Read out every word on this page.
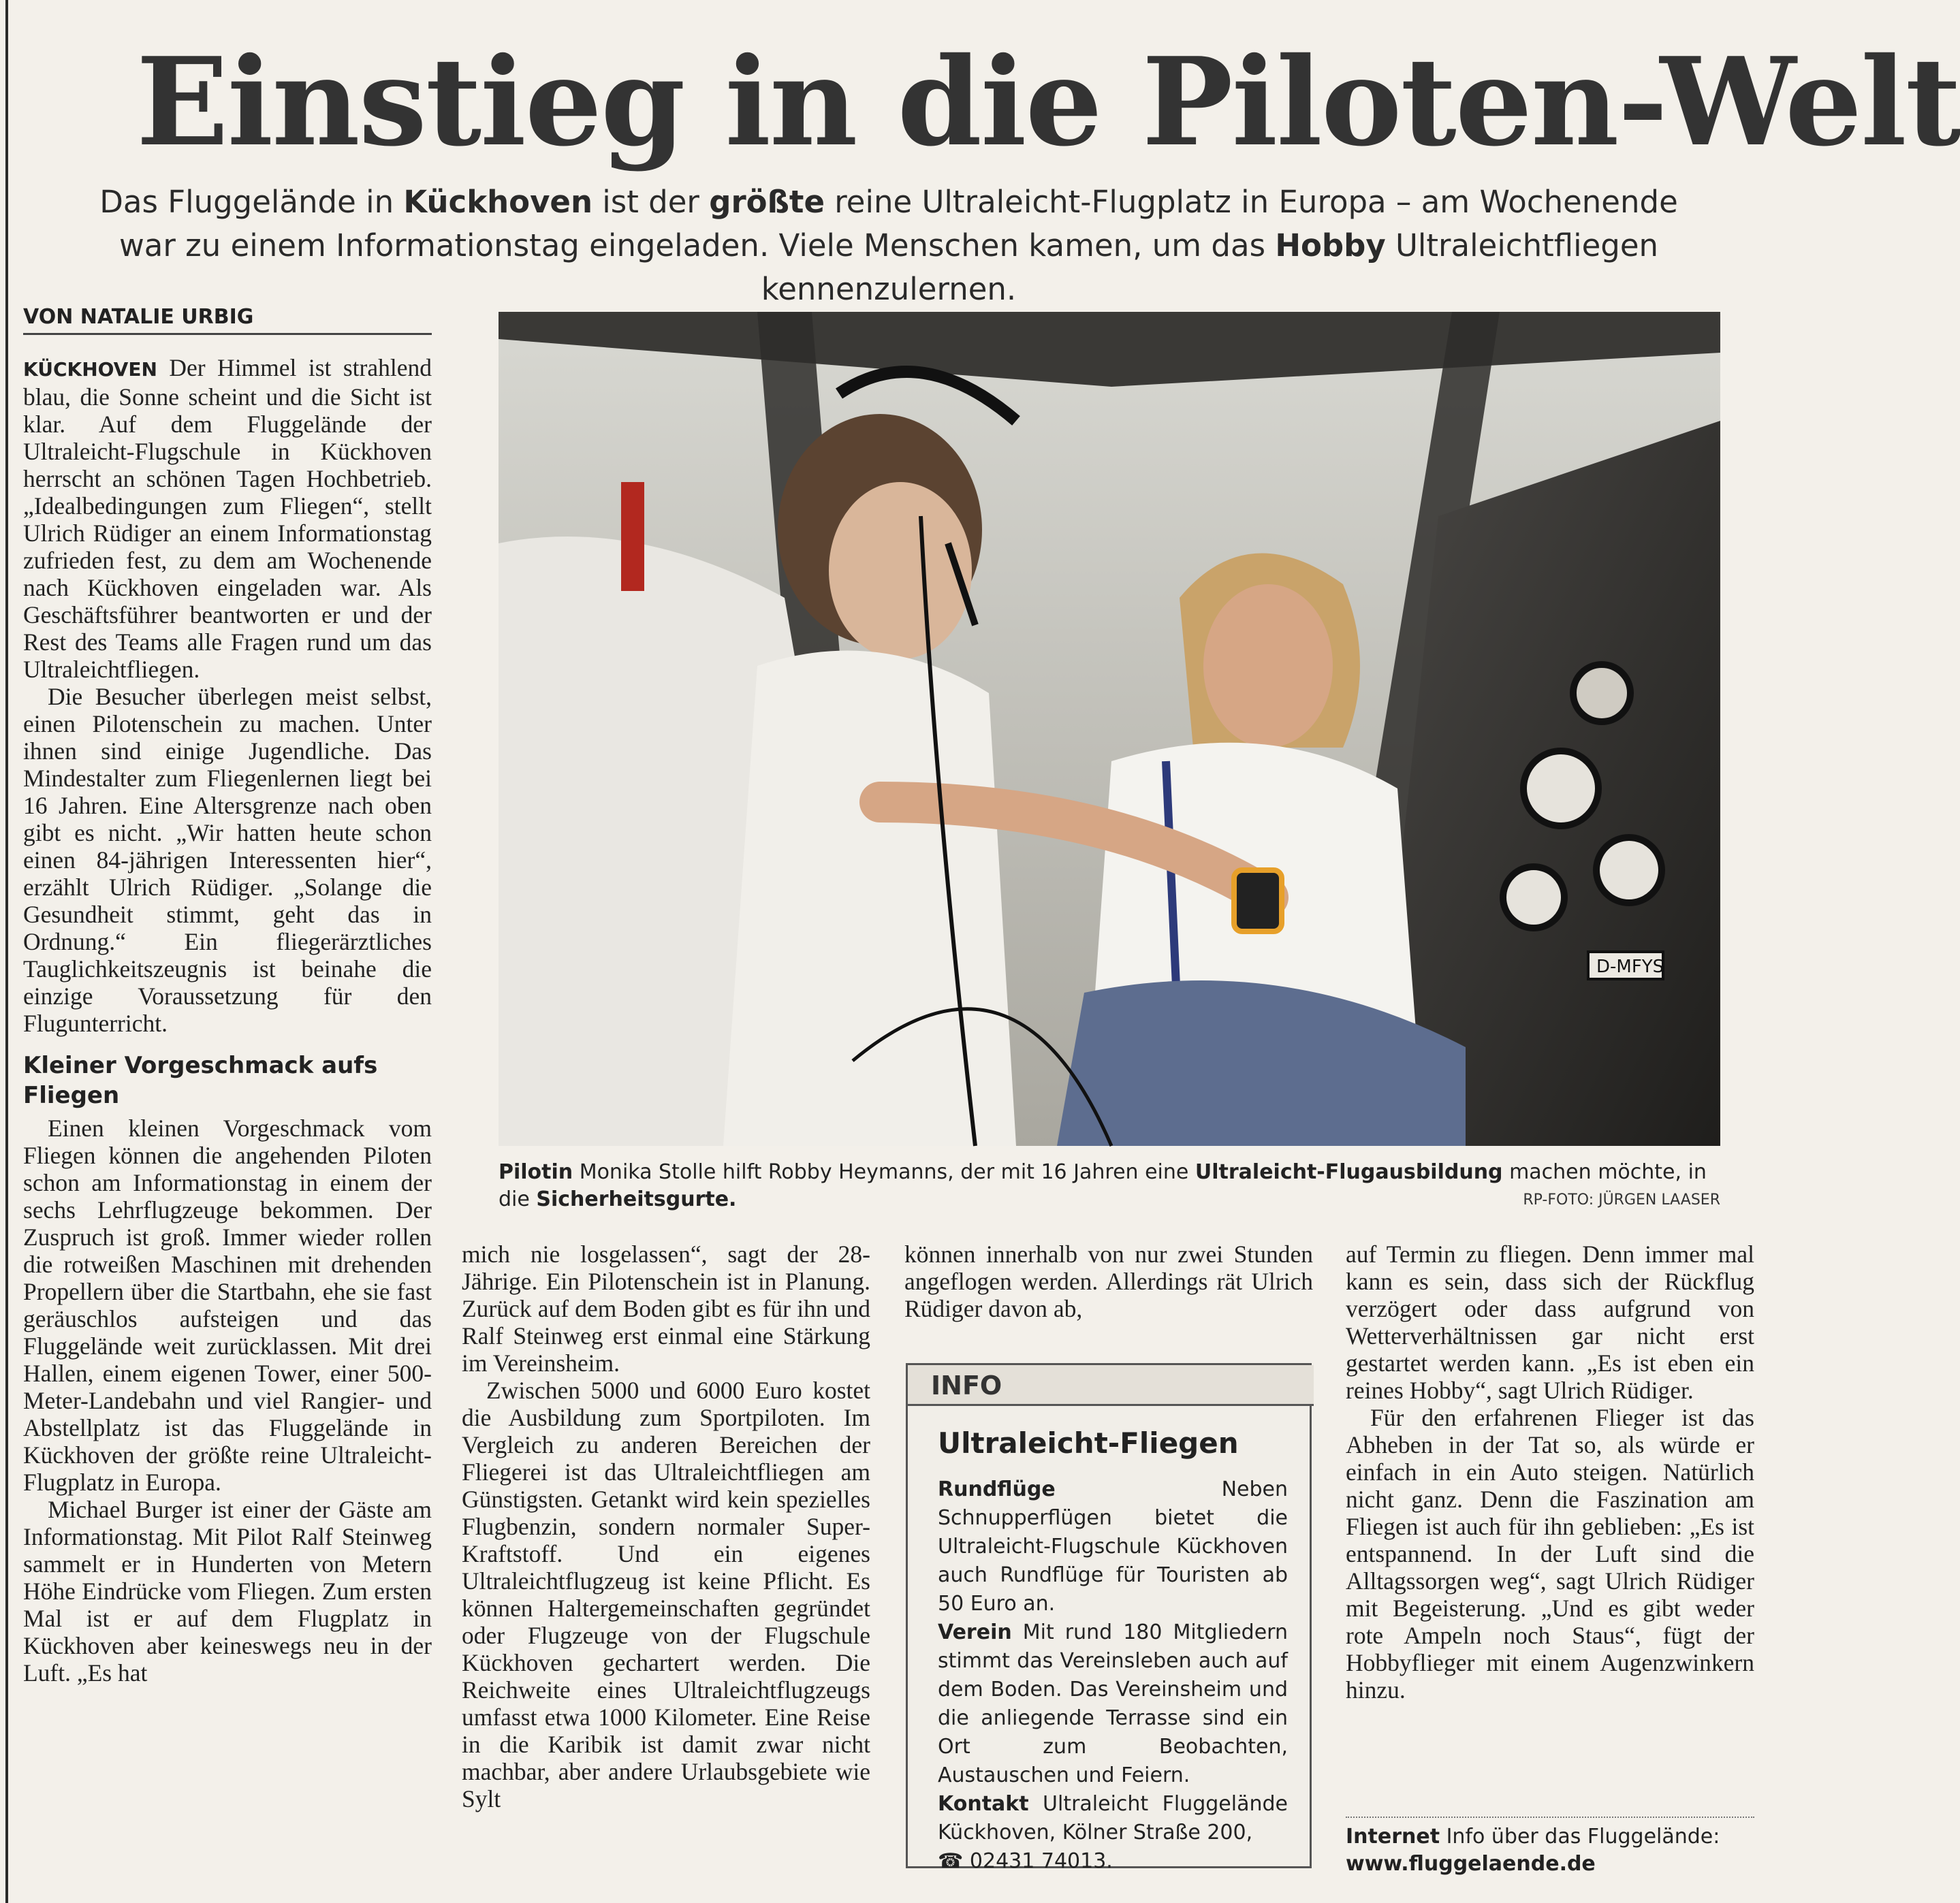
Einstieg in die Piloten-Welt
Das Fluggelände in Kückhoven ist der größte reine Ultraleicht-Flugplatz in Europa – am Wochenende war zu einem Informationstag eingeladen. Viele Menschen kamen, um das Hobby Ultraleichtfliegen kennenzulernen.
VON NATALIE URBIG

KÜCKHOVEN Der Himmel ist strahlend blau, die Sonne scheint und die Sicht ist klar. Auf dem Fluggelände der Ultraleicht-Flugschule in Kückhoven herrscht an schönen Tagen Hochbetrieb. „Idealbedingungen zum Fliegen“, stellt Ulrich Rüdiger an einem Informationstag zufrieden fest, zu dem am Wochenende nach Kückhoven eingeladen war. Als Geschäftsführer beantworten er und der Rest des Teams alle Fragen rund um das Ultraleichtfliegen.

Die Besucher überlegen meist selbst, einen Pilotenschein zu machen. Unter ihnen sind einige Jugendliche. Das Mindestalter zum Fliegenlernen liegt bei 16 Jahren. Eine Altersgrenze nach oben gibt es nicht. „Wir hatten heute schon einen 84-jährigen Interessenten hier“, erzählt Ulrich Rüdiger. „Solange die Gesundheit stimmt, geht das in Ordnung.“ Ein fliegerärztliches Tauglichkeitszeugnis ist beinahe die einzige Voraussetzung für den Flugunterricht.

Kleiner Vorgeschmack aufs Fliegen

Einen kleinen Vorgeschmack vom Fliegen können die angehenden Piloten schon am Informationstag in einem der sechs Lehrflugzeuge bekommen. Der Zuspruch ist groß. Immer wieder rollen die rotweißen Maschinen mit drehenden Propellern über die Startbahn, ehe sie fast geräuschlos aufsteigen und das Fluggelände weit zurücklassen. Mit drei Hallen, einem eigenen Tower, einer 500-Meter-Landebahn und viel Rangier- und Abstellplatz ist das Fluggelände in Kückhoven der größte reine Ultraleicht-Flugplatz in Europa.

Michael Burger ist einer der Gäste am Informationstag. Mit Pilot Ralf Steinweg sammelt er in Hunderten von Metern Höhe Eindrücke vom Fliegen. Zum ersten Mal ist er auf dem Flugplatz in Kückhoven aber keineswegs neu in der Luft. „Es hat

D-MFYS
Pilotin Monika Stolle hilft Robby Heymanns, der mit 16 Jahren eine Ultraleicht-Flugausbildung machen möchte, in die Sicherheitsgurte.	RP-FOTO: JÜRGEN LAASER

mich nie losgelassen“, sagt der 28-Jährige. Ein Pilotenschein ist in Planung. Zurück auf dem Boden gibt es für ihn und Ralf Steinweg erst einmal eine Stärkung im Vereinsheim.

Zwischen 5000 und 6000 Euro kostet die Ausbildung zum Sportpiloten. Im Vergleich zu anderen Bereichen der Fliegerei ist das Ultraleichtfliegen am Günstigsten. Getankt wird kein spezielles Flugbenzin, sondern normaler Super-Kraftstoff. Und ein eigenes Ultraleichtflugzeug ist keine Pflicht. Es können Haltergemeinschaften gegründet oder Flugzeuge von der Flugschule Kückhoven gechartert werden. Die Reichweite eines Ultraleichtflugzeugs umfasst etwa 1000 Kilometer. Eine Reise in die Karibik ist damit zwar nicht machbar, aber andere Urlaubsgebiete wie Sylt

können innerhalb von nur zwei Stunden angeflogen werden. Allerdings rät Ulrich Rüdiger davon ab,

INFO
Ultraleicht-Fliegen

Rundflüge Neben Schnupperflügen bietet die Ultraleicht-Flugschule Kückhoven auch Rundflüge für Touristen ab 50 Euro an.

Verein Mit rund 180 Mitgliedern stimmt das Vereinsleben auch auf dem Boden. Das Vereinsheim und die anliegende Terrasse sind ein Ort zum Beobachten, Austauschen und Feiern.

Kontakt Ultraleicht Fluggelände Kückhoven, Kölner Straße 200,

☎ 02431 74013.

auf Termin zu fliegen. Denn immer mal kann es sein, dass sich der Rückflug verzögert oder dass aufgrund von Wetterverhältnissen gar nicht erst gestartet werden kann. „Es ist eben ein reines Hobby“, sagt Ulrich Rüdiger.

Für den erfahrenen Flieger ist das Abheben in der Tat so, als würde er einfach in ein Auto steigen. Natürlich nicht ganz. Denn die Faszination am Fliegen ist auch für ihn geblieben: „Es ist entspannend. In der Luft sind die Alltagssorgen weg“, sagt Ulrich Rüdiger mit Begeisterung. „Und es gibt weder rote Ampeln noch Staus“, fügt der Hobbyflieger mit einem Augenzwinkern hinzu.

Internet Info über das Fluggelände:
www.fluggelaende.de
